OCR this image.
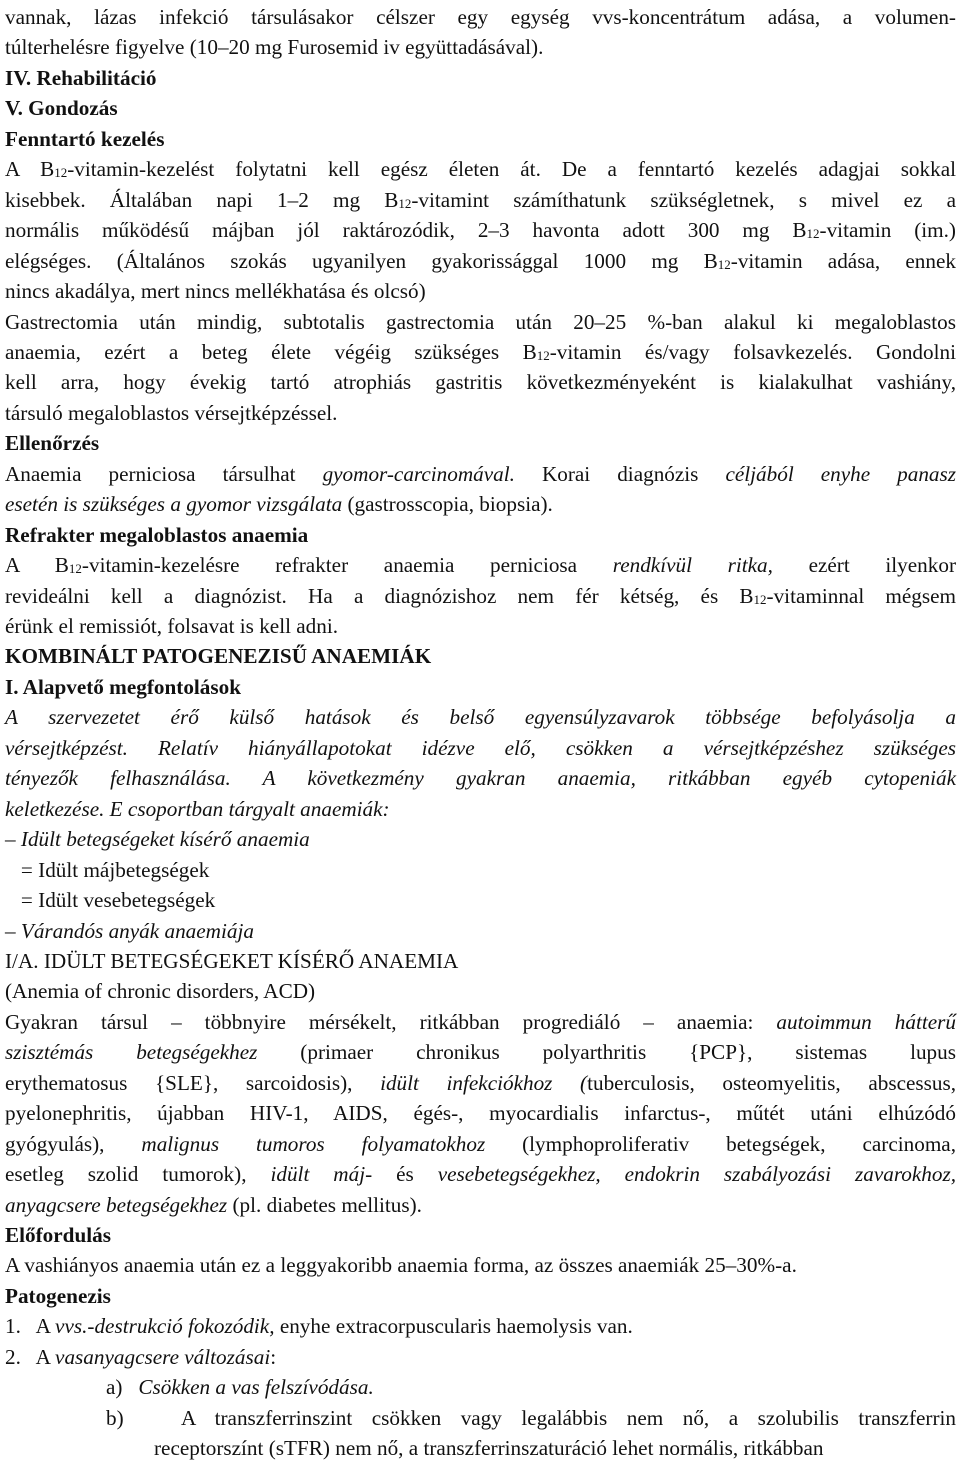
vannak, lázas infekció társulásakor célszer egy egység vvs-koncentrátum adása, a volumen-
túlterhelésre figyelve (10–20 mg Furosemid iv együttadásával).
IV. Rehabilitáció
V. Gondozás
Fenntartó kezelés
A $B_{12}-vitamin$-kezelést folytatni kell egész életen át. De a fenntartó kezelés adagjai sokkal
kisebbek. Általában napi 1–2 mg $B_{12}$-vitamint számíthatunk szükségletnek, s mivel ez a
normális működésű májban jól raktározódik, 2–3 havonta adott 300 mg $B_{12}$-vitamin (im.)
elégséges. (Általános szokás ugyanilyen gyakorissággal 1000 mg $B_{12}$-vitamin adása, ennek
nincs akadálya, mert nincs mellékhatása és olcsó)
Gastrectomia után mindig, subtotalis gastrectomia után 20–25 %-ban alakul ki megaloblastos
anaemia, ezért a beteg élete végéig szükséges $B_{12}$-vitamin és/vagy folsavkezelés. Gondolni
kell arra, hogy évekig tartó atrophiás gastritis következményeként is kialakulhat vashiány,
társuló megaloblastos vérsejtképzéssel.
Ellenőrzés
Anaemia perniciosa társulhat gyomor-carcinomával. Korai diagnózis céljából enyhe panasz
esetén is szükséges a gyomor vizsgálata (gastrosscopia, biopsia).
Refrakter megaloblastos anaemia
A $B_{12}-vitamin$-kezelésre refrakter anaemia perniciosa rendkívül ritka, ezért ilyenkor
revideálni kell a diagnózist. Ha a diagnózishoz nem fér kétség, és $B_{12}$-vitaminnal mégsem
érünk el remissiót, folsavat is kell adni.
KOMBINÁLT PATOGENEZISŰ ANAEMIÁK
I. Alapvető megfontolások
A szervezetet érő külső hatások és belső egyensúlyzavarok többsége befolyásolja a
vérsejtképzést. Relatív hiányállapotokat idézve elő, csökken a vérsejtképzéshez szükséges
tényezők felhasználása. A következmény gyakran anaemia, ritkábban egyéb cytopeniák
keletkezése. E csoportban tárgyalt anaemiák:
– Idült betegségeket kísérő anaemia
= Idült májbetegségek
= Idült vesebetegségek
– Várandós anyák anaemiája
I/A. IDÜLT BETEGSÉGEKET KÍSÉRŐ ANAEMIA
(Anemia of chronic disorders, ACD)
Gyakran társul – többnyire mérsékelt, ritkábban progrediáló – anaemia: autoimmun hátterű
szisztémás betegségekhez (primaer chronikus polyarthritis {PCP}, sistemas lupus
erythematosus {SLE}, sarcoidosis), idült infekciókhoz (tuberculosis, osteomyelitis, abscessus,
pyelonephritis, újabban HIV-1, AIDS, égés-, myocardialis infarctus-, műtét utáni elhúzódó
gyógyulás), malignus tumoros folyamatokhoz (lymphoproliferativ betegségek, carcinoma,
esetleg szolid tumorok), idült máj- és vesebetegségekhez, endokrin szabályozási zavarokhoz,
anyagcsere betegségekhez (pl. diabetes mellitus).
Előfordulás
A vashiányos anaemia után ez a leggyakoribb anaemia forma, az összes anaemiák 25–30%-a.
Patogenezis
1.   A vvs.-destrukció fokozódik, enyhe extracorpuscularis haemolysis van.
2.   A vasanyagcsere változásai:
a)   Csökken a vas felszívódása.
b)   A transzferrinszint csökken vagy legalábbis nem nő, a szolubilis transzferrin
receptorszínt (sTFR) nem nő, a transzferrinszaturáció lehet normális, ritkábban
